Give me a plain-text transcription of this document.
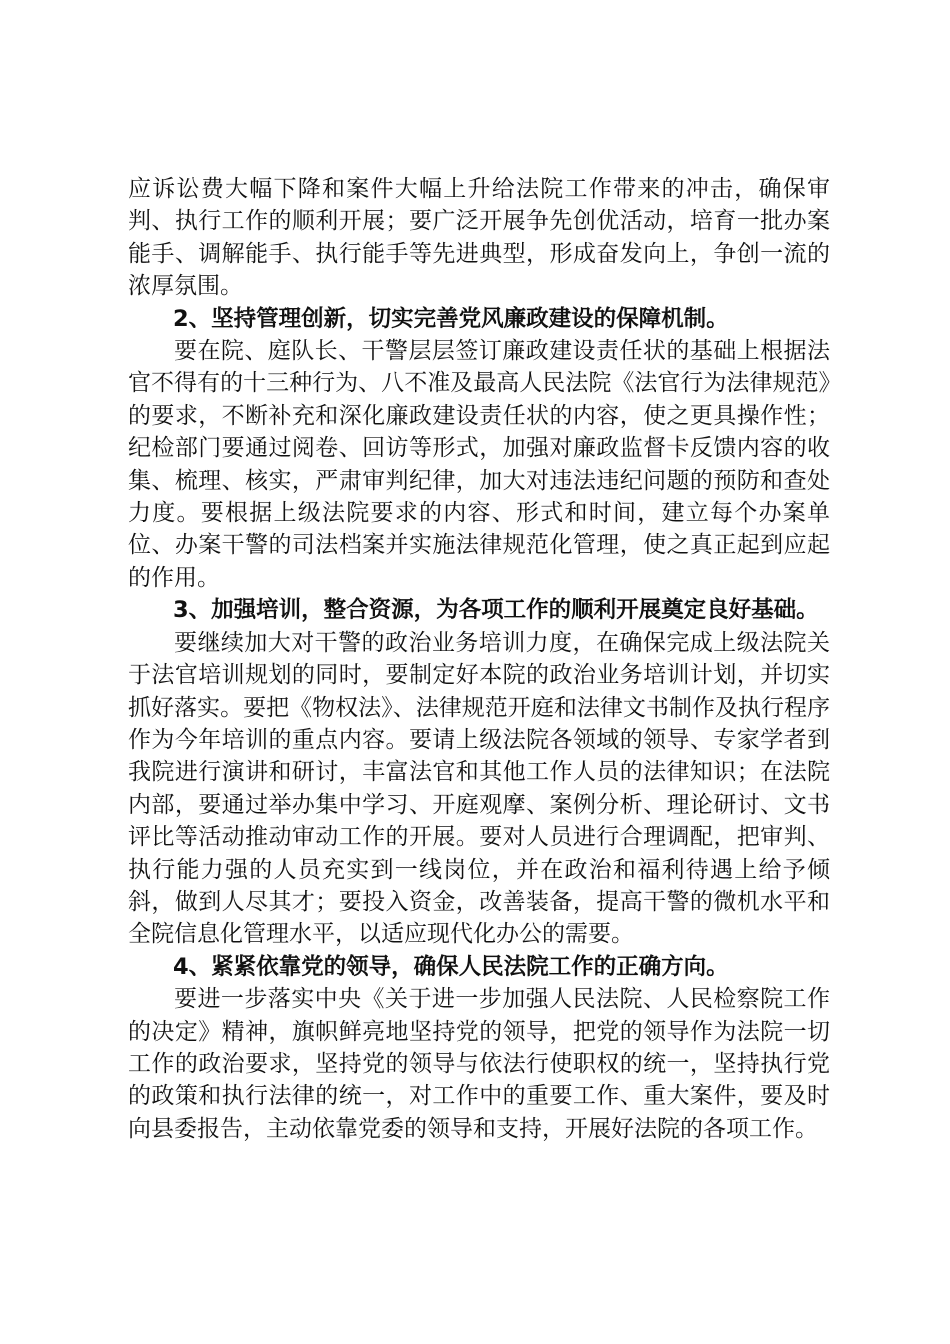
应诉讼费大幅下降和案件大幅上升给法院工作带来的冲击，确保审判、执行工作的顺利开展；要广泛开展争先创优活动，培育一批办案能手、调解能手、执行能手等先进典型，形成奋发向上，争创一流的浓厚氛围。

2、坚持管理创新，切实完善党风廉政建设的保障机制。

要在院、庭队长、干警层层签订廉政建设责任状的基础上根据法官不得有的十三种行为、八不准及最高人民法院《法官行为法律规范》的要求，不断补充和深化廉政建设责任状的内容，使之更具操作性；纪检部门要通过阅卷、回访等形式，加强对廉政监督卡反馈内容的收集、梳理、核实，严肃审判纪律，加大对违法违纪问题的预防和查处力度。要根据上级法院要求的内容、形式和时间，建立每个办案单位、办案干警的司法档案并实施法律规范化管理，使之真正起到应起的作用。

3、加强培训，整合资源，为各项工作的顺利开展奠定良好基础。

要继续加大对干警的政治业务培训力度，在确保完成上级法院关于法官培训规划的同时，要制定好本院的政治业务培训计划，并切实抓好落实。要把《物权法》、法律规范开庭和法律文书制作及执行程序作为今年培训的重点内容。要请上级法院各领域的领导、专家学者到我院进行演讲和研讨，丰富法官和其他工作人员的法律知识；在法院内部，要通过举办集中学习、开庭观摩、案例分析、理论研讨、文书评比等活动推动审动工作的开展。要对人员进行合理调配，把审判、执行能力强的人员充实到一线岗位，并在政治和福利待遇上给予倾斜，做到人尽其才；要投入资金，改善装备，提高干警的微机水平和全院信息化管理水平，以适应现代化办公的需要。

4、紧紧依靠党的领导，确保人民法院工作的正确方向。

要进一步落实中央《关于进一步加强人民法院、人民检察院工作的决定》精神，旗帜鲜亮地坚持党的领导，把党的领导作为法院一切工作的政治要求，坚持党的领导与依法行使职权的统一，坚持执行党的政策和执行法律的统一，对工作中的重要工作、重大案件，要及时向县委报告，主动依靠党委的领导和支持，开展好法院的各项工作。
